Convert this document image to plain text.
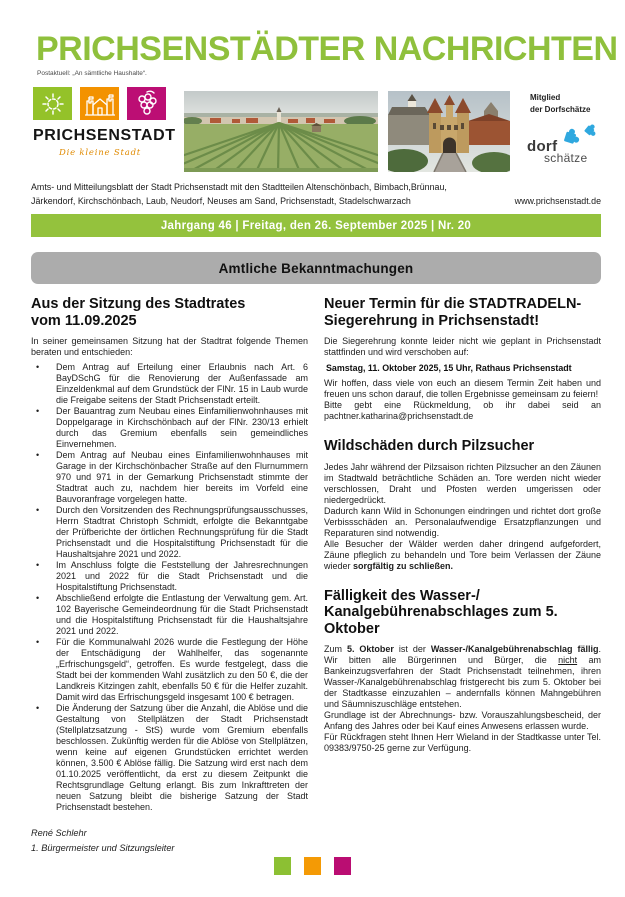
PRICHSENSTÄDTER NACHRICHTEN
Postaktuell: „An sämtliche Haushalte“.
PRICHSENSTADT
Die kleine Stadt
Mitglied
der Dorfschätze
dorf
schätze
Amts- und Mitteilungsblatt der Stadt Prichsenstadt mit den Stadtteilen Altenschönbach, Bimbach,Brünnau,
Järkendorf, Kirchschönbach, Laub, Neudorf, Neuses am Sand, Prichsenstadt, Stadelschwarzach	www.prichsenstadt.de
Jahrgang 46 | Freitag, den 26. September 2025 | Nr. 20
Amtliche Bekanntmachungen
Aus der Sitzung des Stadtrates
vom 11.09.2025

In seiner gemeinsamen Sitzung hat der Stadtrat folgende Themen beraten und entschieden:

• Dem Antrag auf Erteilung einer Erlaubnis nach Art. 6 BayDSchG für die Renovierung der Außenfassade am Einzeldenkmal auf dem Grundstück der FlNr. 15 in Laub wurde die Freigabe seitens der Stadt Prichsenstadt erteilt.
• Der Bauantrag zum Neubau eines Einfamilienwohnhauses mit Doppelgarage in Kirchschönbach auf der FlNr. 230/13 erhielt durch das Gremium ebenfalls sein gemeindliches Einvernehmen.
• Dem Antrag auf Neubau eines Einfamilienwohnhauses mit Garage in der Kirchschönbacher Straße auf den Flurnummern 970 und 971 in der Gemarkung Prichsenstadt stimmte der Stadtrat auch zu, nachdem hier bereits im Vorfeld eine Bauvoranfrage vorgelegen hatte.
• Durch den Vorsitzenden des Rechnungsprüfungsausschusses, Herrn Stadtrat Christoph Schmidt, erfolgte die Bekanntgabe der Prüfberichte der örtlichen Rechnungsprüfung für die Stadt Prichsenstadt und die Hospitalstiftung Prichsenstadt für die Haushaltsjahre 2021 und 2022.
• Im Anschluss folgte die Feststellung der Jahresrechnungen 2021 und 2022 für die Stadt Prichsenstadt und die Hospitalstiftung Prichsenstadt.
• Abschließend erfolgte die Entlastung der Verwaltung gem. Art. 102 Bayerische Gemeindeordnung für die Stadt Prichsenstadt und die Hospitalstiftung Prichsenstadt für die Haushaltsjahre 2021 und 2022.
• Für die Kommunalwahl 2026 wurde die Festlegung der Höhe der Entschädigung der Wahlhelfer, das sogenannte „Erfrischungsgeld“, getroffen. Es wurde festgelegt, dass die Stadt bei der kommenden Wahl zusätzlich zu den 50 €, die der Landkreis Kitzingen zahlt, ebenfalls 50 € für die Helfer zuzahlt. Damit wird das Erfrischungsgeld insgesamt 100 € betragen.
• Die Änderung der Satzung über die Anzahl, die Ablöse und die Gestaltung von Stellplätzen der Stadt Prichsenstadt (Stellplatzsatzung - StS) wurde vom Gremium ebenfalls beschlossen. Zukünftig werden für die Ablöse von Stellplätzen, wenn keine auf eigenen Grundstücken errichtet werden können, 3.500 € Ablöse fällig. Die Satzung wird erst nach dem 01.10.2025 veröffentlicht, da erst zu diesem Zeitpunkt die Rechtsgrundlage Geltung erlangt. Bis zum Inkrafttreten der neuen Satzung bleibt die bisherige Satzung der Stadt Prichsenstadt bestehen.
René Schlehr
1. Bürgermeister und Sitzungsleiter
Neuer Termin für die STADTRADELN-
Siegerehrung in Prichsenstadt!

Die Siegerehrung konnte leider nicht wie geplant in Prichsenstadt stattfinden und wird verschoben auf:

Samstag, 11. Oktober 2025, 15 Uhr, Rathaus Prichsenstadt

Wir hoffen, dass viele von euch an diesem Termin Zeit haben und freuen uns schon darauf, die tollen Ergebnisse gemeinsam zu feiern!

Bitte gebt eine Rückmeldung, ob ihr dabei seid an pachtner.katharina@prichsenstadt.de

Wildschäden durch Pilzsucher

Jedes Jahr während der Pilzsaison richten Pilzsucher an den Zäunen im Stadtwald beträchtliche Schäden an. Tore werden nicht wieder verschlossen, Draht und Pfosten werden umgerissen oder niedergedrückt.

Dadurch kann Wild in Schonungen eindringen und richtet dort große Verbissschäden an. Personalaufwendige Ersatzpflanzungen und Reparaturen sind notwendig.

Alle Besucher der Wälder werden daher dringend aufgefordert, Zäune pfleglich zu behandeln und Tore beim Verlassen der Zäune wieder sorgfältig zu schließen.

Fälligkeit des Wasser-/
Kanalgebührenabschlages zum 5. Oktober

Zum 5. Oktober ist der Wasser-/Kanalgebührenabschlag fällig. Wir bitten alle Bürgerinnen und Bürger, die nicht am Bankeinzugsverfahren der Stadt Prichsenstadt teilnehmen, ihren Wasser-/Kanalgebührenabschlag fristgerecht bis zum 5. Oktober bei der Stadtkasse einzuzahlen – andernfalls können Mahngebühren und Säumniszuschläge entstehen.

Grundlage ist der Abrechnungs- bzw. Vorauszahlungsbescheid, der Anfang des Jahres oder bei Kauf eines Anwesens erlassen wurde.

Für Rückfragen steht Ihnen Herr Wieland in der Stadtkasse unter Tel. 09383/9750-25 gerne zur Verfügung.
